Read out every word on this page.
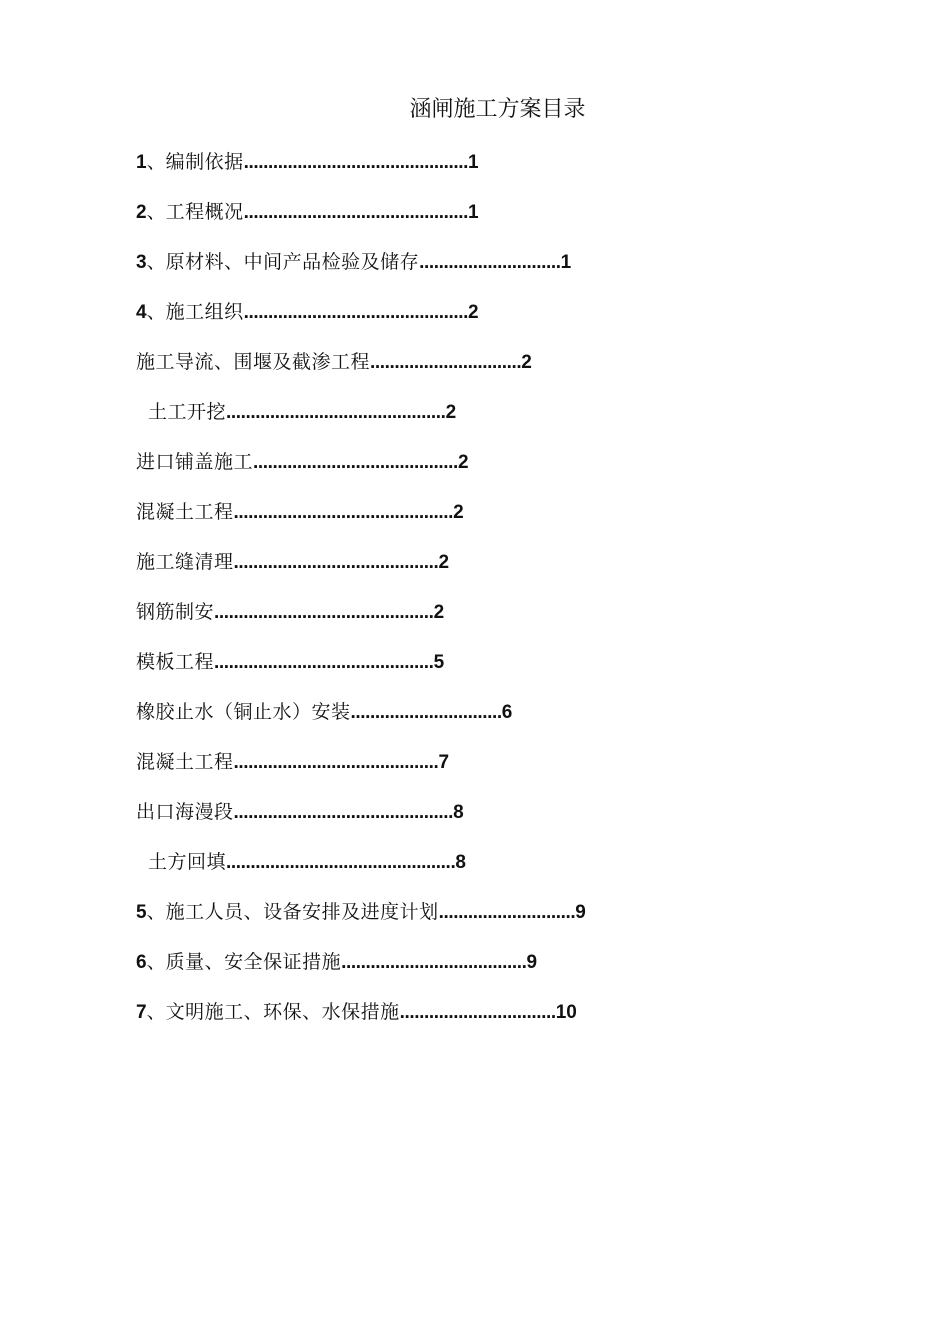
涵闸施工方案目录
1 、 编制依据 .............................................. 1
2 、 工程概况 .............................................. 1
3 、 原材料、中间产品检验及储存 ............................. 1
4 、 施工组织 .............................................. 2
施工导流、围堰及截渗工程 ............................... 2
土工开挖 ............................................. 2
进口铺盖施工 .......................................... 2
混凝土工程 ............................................. 2
施工缝清理 .......................................... 2
钢筋制安 ............................................. 2
模板工程 ............................................. 5
橡胶止水（铜止水）安装 ............................... 6
混凝土工程 .......................................... 7
出口海漫段 ............................................. 8
土方回填 ............................................... 8
5 、 施工人员、设备安排及进度计划 ............................ 9
6 、 质量、安全保证措施 ...................................... 9
7 、 文明施工、环保、水保措施 ................................ 10
